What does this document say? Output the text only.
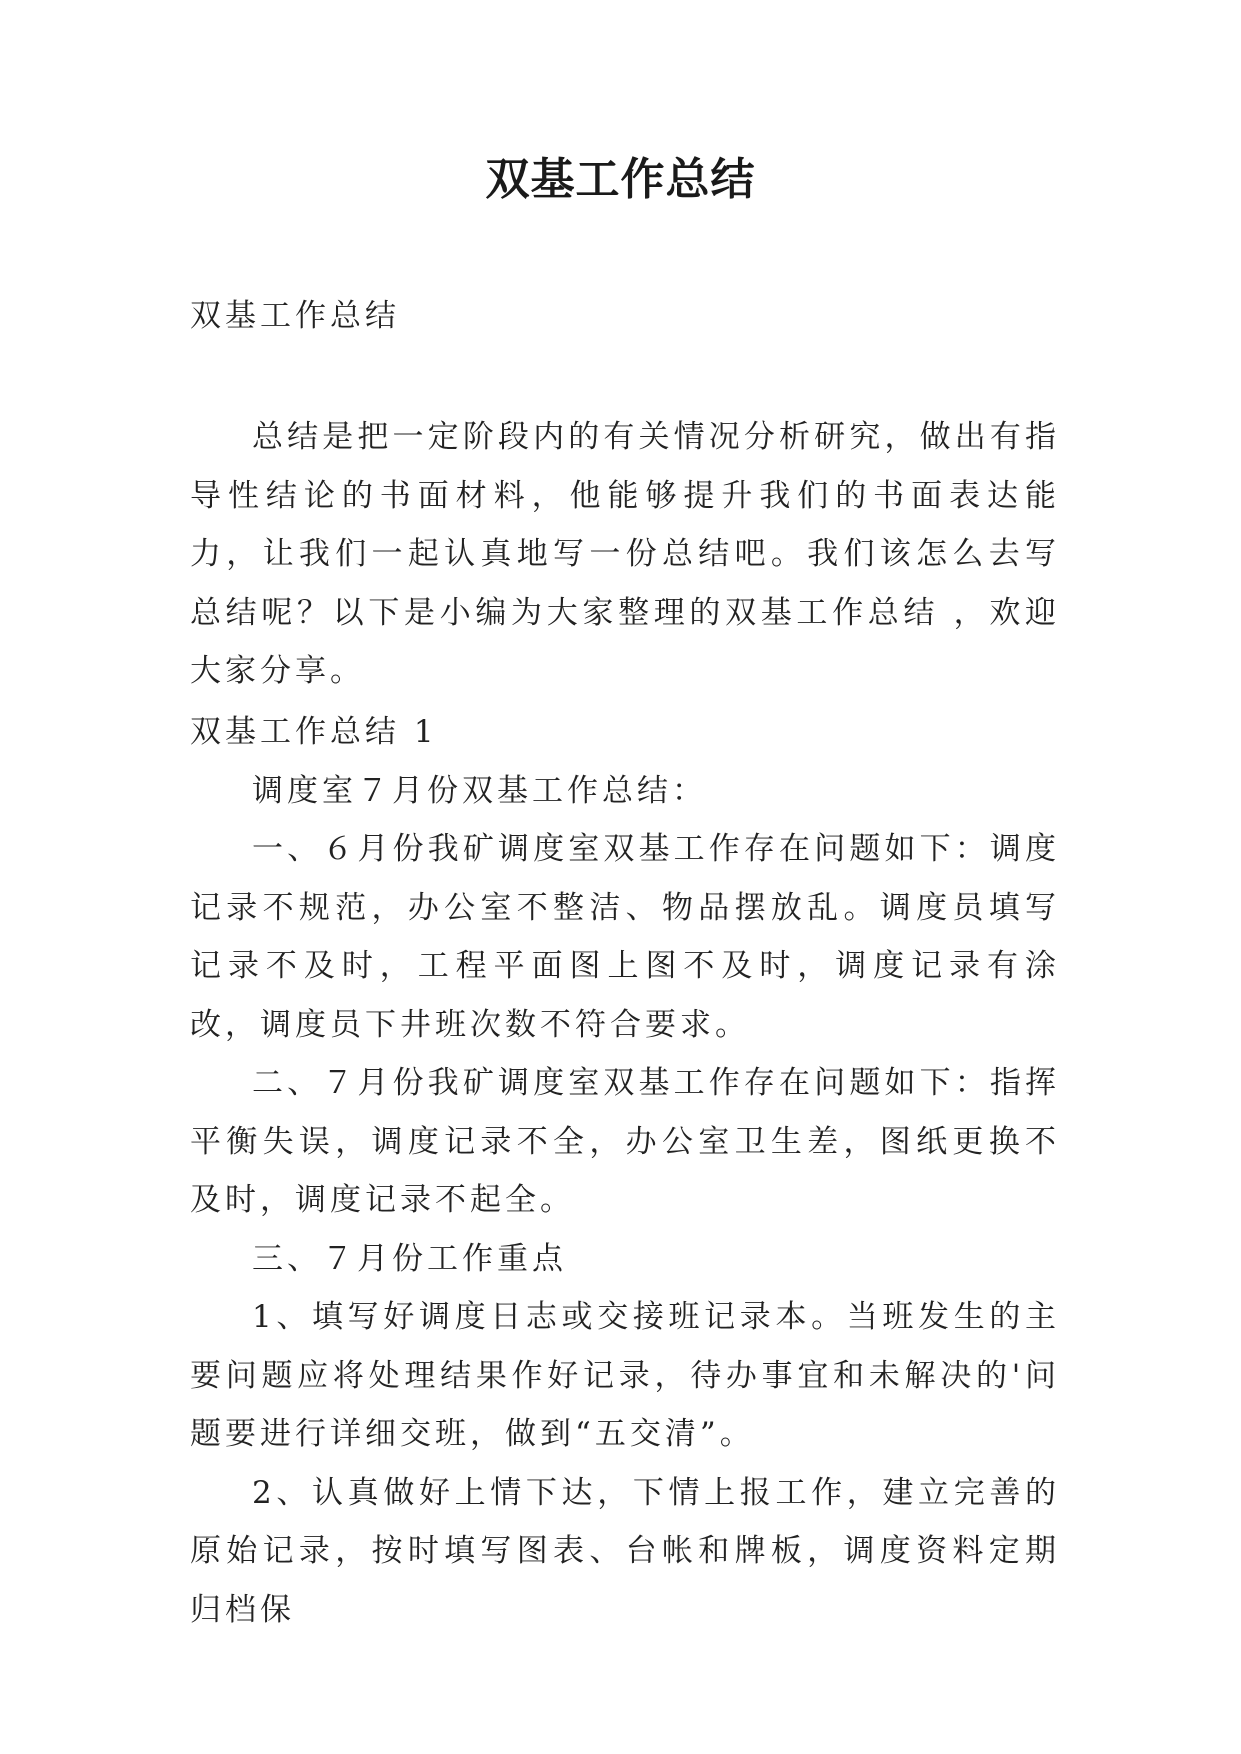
双基工作总结

双基工作总结

总结是把一定阶段内的有关情况分析研究，做出有指导性结论的书面材料，他能够提升我们的书面表达能力，让我们一起认真地写一份总结吧。我们该怎么去写总结呢？以下是小编为大家整理的双基工作总结 ，欢迎大家分享。

双基工作总结 1

调度室７月份双基工作总结：

一、６月份我矿调度室双基工作存在问题如下：调度记录不规范，办公室不整洁、物品摆放乱。调度员填写记录不及时，工程平面图上图不及时，调度记录有涂改，调度员下井班次数不符合要求。

二、７月份我矿调度室双基工作存在问题如下：指挥平衡失误，调度记录不全，办公室卫生差，图纸更换不及时，调度记录不起全。

三、７月份工作重点

1、填写好调度日志或交接班记录本。当班发生的主要问题应将处理结果作好记录，待办事宜和未解决的'问题要进行详细交班，做到“五交清”。

2、认真做好上情下达，下情上报工作，建立完善的原始记录，按时填写图表、台帐和牌板，调度资料定期归档保
